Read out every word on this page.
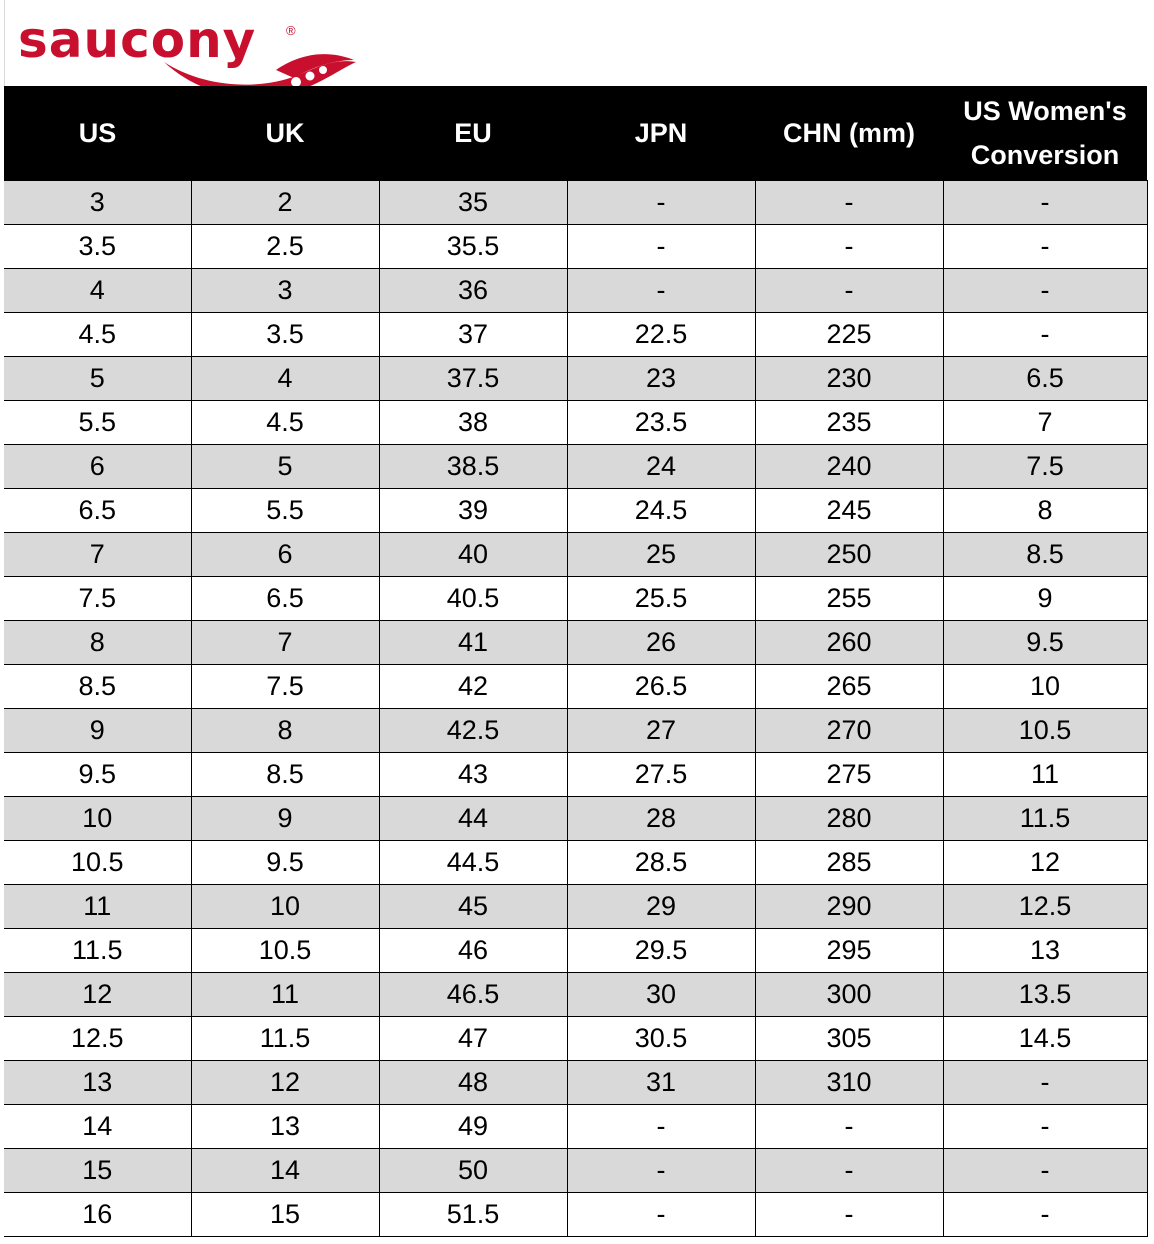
saucony ®
US	UK	EU	JPN	CHN (mm)	US Women's
Conversion
3	2	35	-	-	-
3.5	2.5	35.5	-	-	-
4	3	36	-	-	-
4.5	3.5	37	22.5	225	-
5	4	37.5	23	230	6.5
5.5	4.5	38	23.5	235	7
6	5	38.5	24	240	7.5
6.5	5.5	39	24.5	245	8
7	6	40	25	250	8.5
7.5	6.5	40.5	25.5	255	9
8	7	41	26	260	9.5
8.5	7.5	42	26.5	265	10
9	8	42.5	27	270	10.5
9.5	8.5	43	27.5	275	11
10	9	44	28	280	11.5
10.5	9.5	44.5	28.5	285	12
11	10	45	29	290	12.5
11.5	10.5	46	29.5	295	13
12	11	46.5	30	300	13.5
12.5	11.5	47	30.5	305	14.5
13	12	48	31	310	-
14	13	49	-	-	-
15	14	50	-	-	-
16	15	51.5	-	-	-
